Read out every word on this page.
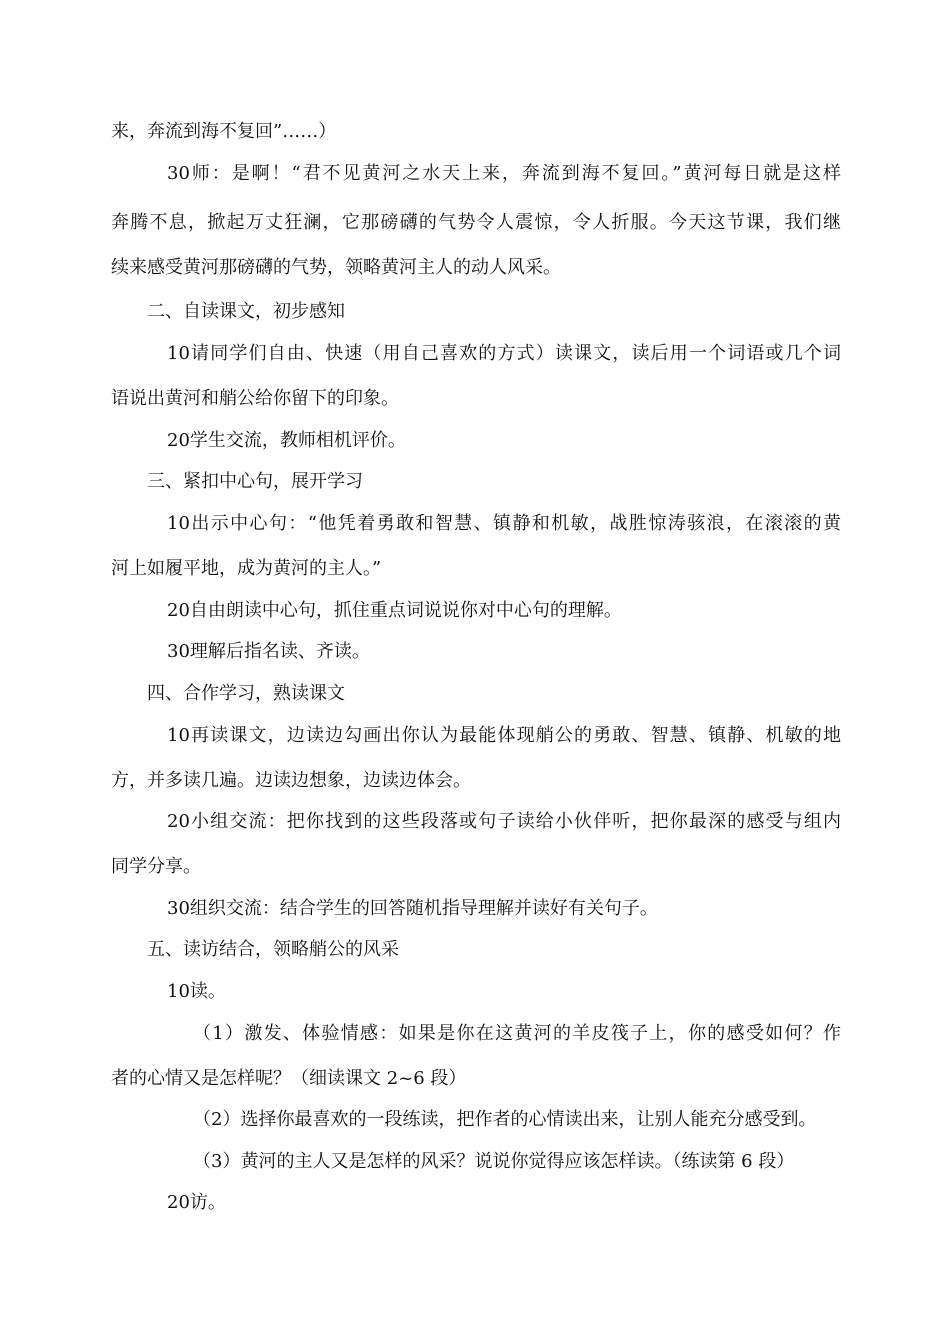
来，奔流到海不复回”……）
30师：是啊！“君不见黄河之水天上来，奔流到海不复回。”黄河每日就是这样
奔腾不息，掀起万丈狂澜，它那磅礴的气势令人震惊，令人折服。今天这节课，我们继
续来感受黄河那磅礴的气势，领略黄河主人的动人风采。
二、自读课文，初步感知
10请同学们自由、快速（用自己喜欢的方式）读课文，读后用一个词语或几个词
语说出黄河和艄公给你留下的印象。
20学生交流，教师相机评价。
三、紧扣中心句，展开学习
10出示中心句：“他凭着勇敢和智慧、镇静和机敏，战胜惊涛骇浪，在滚滚的黄
河上如履平地，成为黄河的主人。”
20自由朗读中心句，抓住重点词说说你对中心句的理解。
30理解后指名读、齐读。
四、合作学习，熟读课文
10再读课文，边读边勾画出你认为最能体现艄公的勇敢、智慧、镇静、机敏的地
方，并多读几遍。边读边想象，边读边体会。
20小组交流：把你找到的这些段落或句子读给小伙伴听，把你最深的感受与组内
同学分享。
30组织交流：结合学生的回答随机指导理解并读好有关句子。
五、读访结合，领略艄公的风采
10读。
（1）激发、体验情感：如果是你在这黄河的羊皮筏子上，你的感受如何？作
者的心情又是怎样呢？（细读课文 2~6 段）
（2）选择你最喜欢的一段练读，把作者的心情读出来，让别人能充分感受到。
（3）黄河的主人又是怎样的风采？说说你觉得应该怎样读。（练读第 6 段）
20访。
